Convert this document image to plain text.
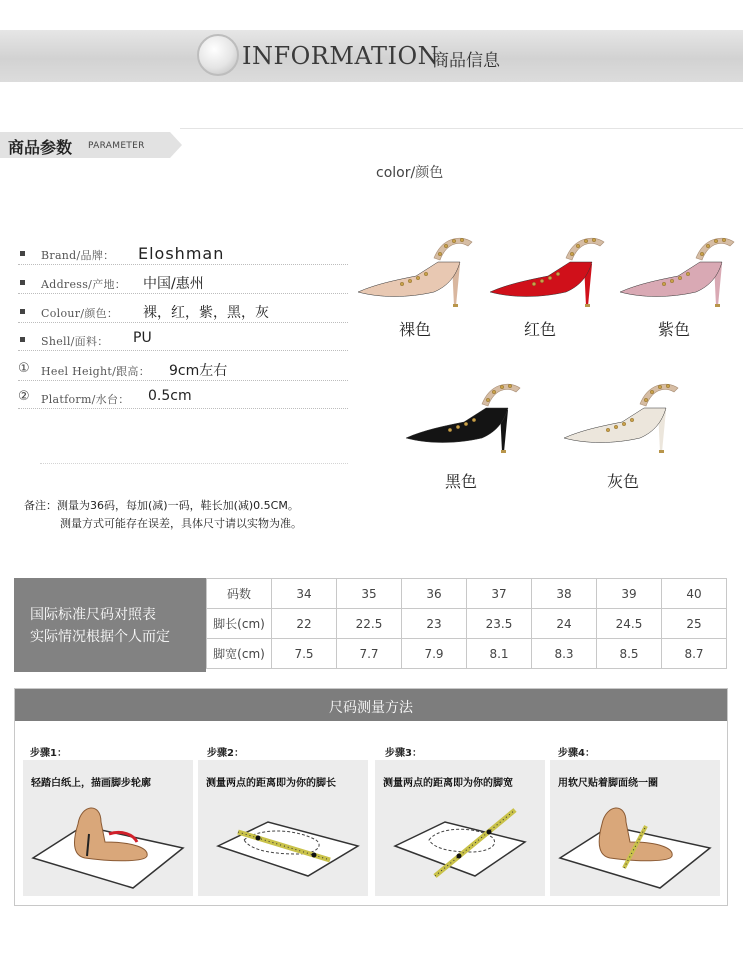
INFORMATION
商品信息
商品参数 PARAMETER
color/颜色
Brand/品牌： Eloshman
Address/产地： 中国/惠州
Colour/颜色： 裸，红，紫，黑，灰
Shell/面料： PU
① Heel Height/跟高： 9cm左右
② Platform/水台： 0.5cm
备注：测量为36码，每加(减)一码，鞋长加(减)0.5CM。
测量方式可能存在误差，具体尺寸请以实物为准。
裸色	红色	紫色
黑色	灰色
国际标准尺码对照表
实际情况根据个人而定
码数	34	35	36	37	38	39	40
脚长(cm)	22	22.5	23	23.5	24	24.5	25
脚宽(cm)	7.5	7.7	7.9	8.1	8.3	8.5	8.7
尺码测量方法
步骤1：	步骤2：	步骤3：	步骤4：
轻踏白纸上，描画脚步轮廓	测量两点的距离即为你的脚长	测量两点的距离即为你的脚宽	用软尺贴着脚面绕一圈
